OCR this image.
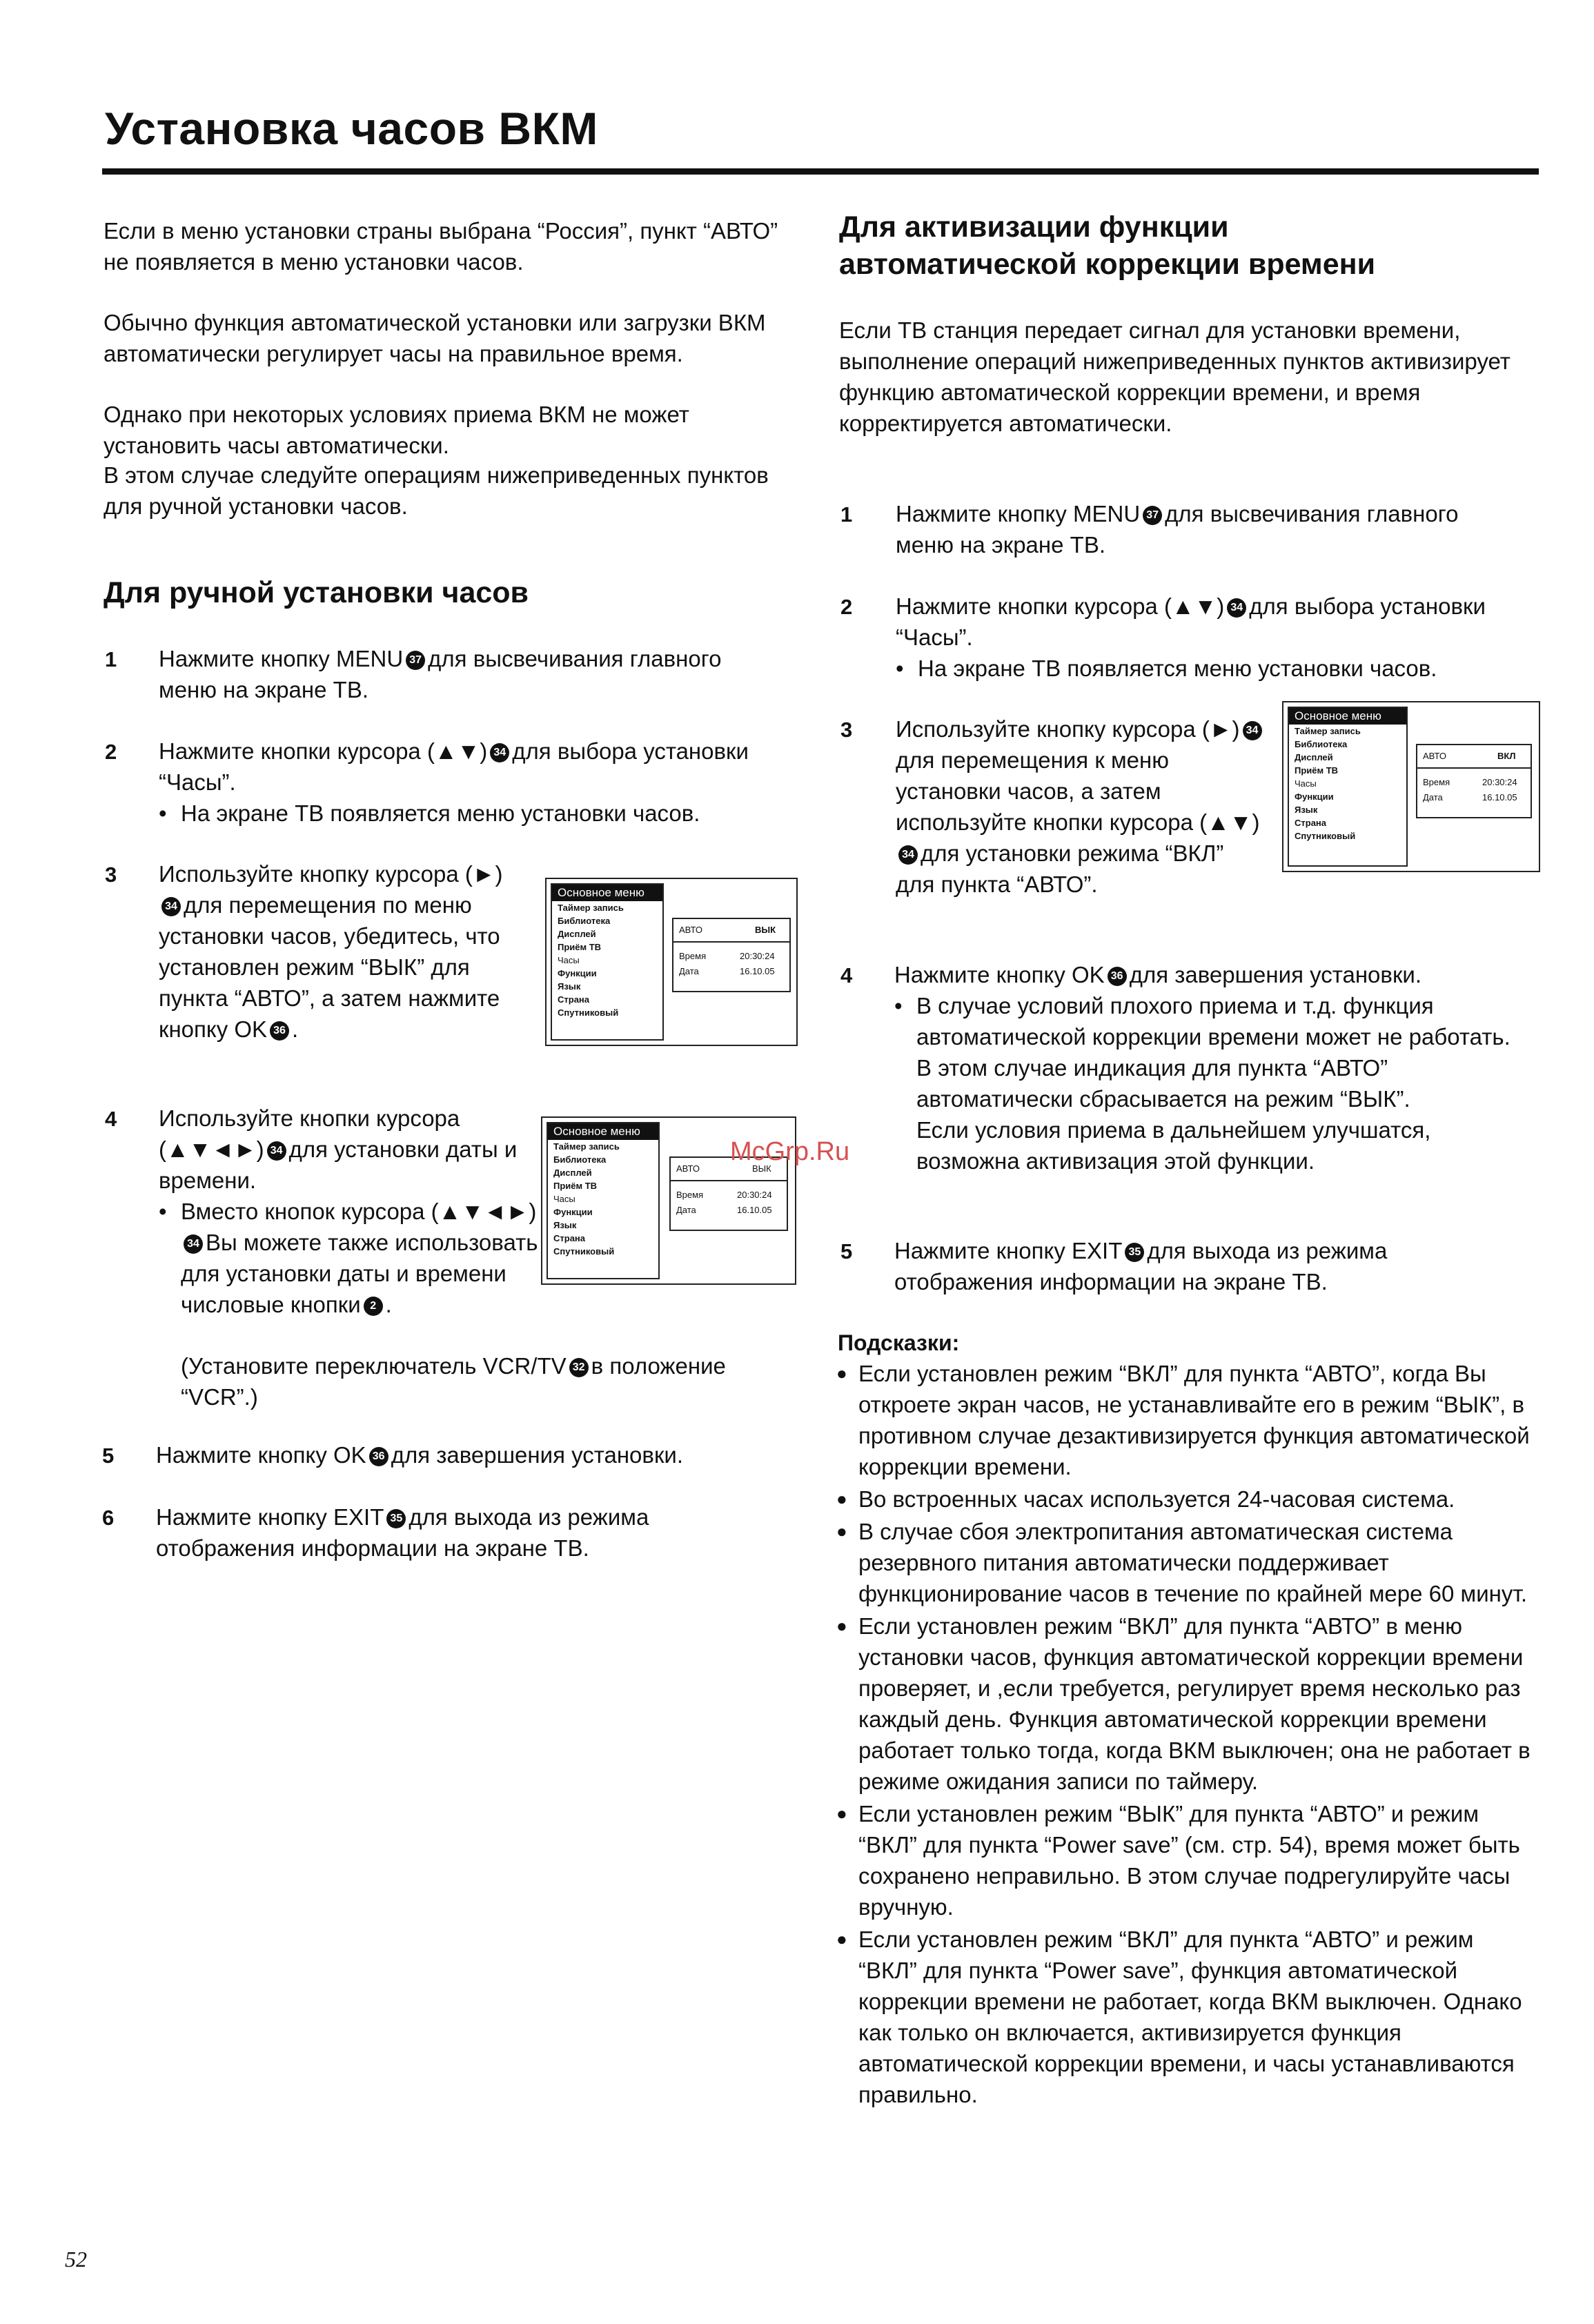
Установка часов ВКМ
Если в меню установки страны выбрана “Россия”, пункт “АВТО” не появляется в меню установки часов.
Обычно функция автоматической установки или загрузки ВКМ автоматически регулирует часы на правильное время.
Однако при некоторых условиях приема ВКМ не может установить часы автоматически.
В этом случае следуйте операциям нижеприведенных пунктов для ручной установки часов.
Для ручной установки часов
1 Нажмите кнопку MENU 37 для высвечивания главного меню на экране ТВ.
2 Нажмите кнопки курсора (▲▼) 34 для выбора установки “Часы”.
• На экране ТВ появляется меню установки часов.
3 Используйте кнопку курсора (►)34 для перемещения по меню установки часов, убедитесь, что установлен режим “ВЫК” для пункта “АВТО”, а затем нажмите кнопку OK 36 .
Основное меню
Таймер запись
Библиотека
Дисплей
Приём ТВ
Часы
Функции
Язык
Страна
Спутниковый
АВТО	ВЫК
Время	20:30:24
Дата	16.10.05
4 Используйте кнопки курсора (▲▼◄►) 34 для установки даты и времени.
• Вместо кнопок курсора (▲▼◄►)34 Вы можете также использовать для установки даты и времени числовые кнопки 2 .
(Установите переключатель VCR/TV 32 в положение “VCR”.)
Основное меню
Таймер запись
Библиотека
Дисплей
Приём ТВ
Часы
Функции
Язык
Страна
Спутниковый
АВТО	ВЫК
Время	20:30:24
Дата	16.10.05
5 Нажмите кнопку OK 36 для завершения установки.
6 Нажмите кнопку EXIT 35 для выхода из режима отображения информации на экране ТВ.
Для активизации функции
автоматической коррекции времени
Если ТВ станция передает сигнал для установки времени, выполнение операций нижеприведенных пунктов активизирует функцию автоматической коррекции времени, и время корректируется автоматически.
1 Нажмите кнопку MENU 37 для высвечивания главного меню на экране ТВ.
2 Нажмите кнопки курсора (▲▼) 34 для выбора установки “Часы”.
• На экране ТВ появляется меню установки часов.
3 Используйте кнопку курсора (►) 34для перемещения к меню установки часов, а затем используйте кнопки курсора (▲▼)34 для установки режима “ВКЛ” для пункта “АВТО”.
Основное меню
Таймер запись
Библиотека
Дисплей
Приём ТВ
Часы
Функции
Язык
Страна
Спутниковый
АВТО	ВКЛ
Время	20:30:24
Дата	16.10.05
4 Нажмите кнопку OK 36 для завершения установки.
• В случае условий плохого приема и т.д. функция автоматической коррекции времени может не работать. В этом случае индикация для пункта “АВТО” автоматически сбрасывается на режим “ВЫК”.
Если условия приема в дальнейшем улучшатся, возможна активизация этой функции.
5 Нажмите кнопку EXIT 35 для выхода из режима отображения информации на экране ТВ.
Подсказки:
● Если установлен режим “ВКЛ” для пункта “АВТО”, когда Вы откроете экран часов, не устанавливайте его в режим “ВЫК”, в противном случае дезактивизируется функция автоматической коррекции времени.
● Во встроенных часах используется 24-часовая система.
● В случае сбоя электропитания автоматическая система резервного питания автоматически поддерживает функционирование часов в течение по крайней мере 60 минут.
● Если установлен режим “ВКЛ” для пункта “АВТО” в меню установки часов, функция автоматической коррекции времени проверяет, и ,если требуется, регулирует время несколько раз каждый день. Функция автоматической коррекции времени работает только тогда, когда ВКМ выключен; она не работает в режиме ожидания записи по таймеру.
● Если установлен режим “ВЫК” для пункта “АВТО” и режим “ВКЛ” для пункта “Power save” (см. стр. 54), время может быть сохранено неправильно. В этом случае подрегулируйте часы вручную.
● Если установлен режим “ВКЛ” для пункта “АВТО” и режим “ВКЛ” для пункта “Power save”, функция автоматической коррекции времени не работает, когда ВКМ выключен. Однако как только он включается, активизируется функция автоматической коррекции времени, и часы устанавливаются правильно.
McGrp.Ru
52
